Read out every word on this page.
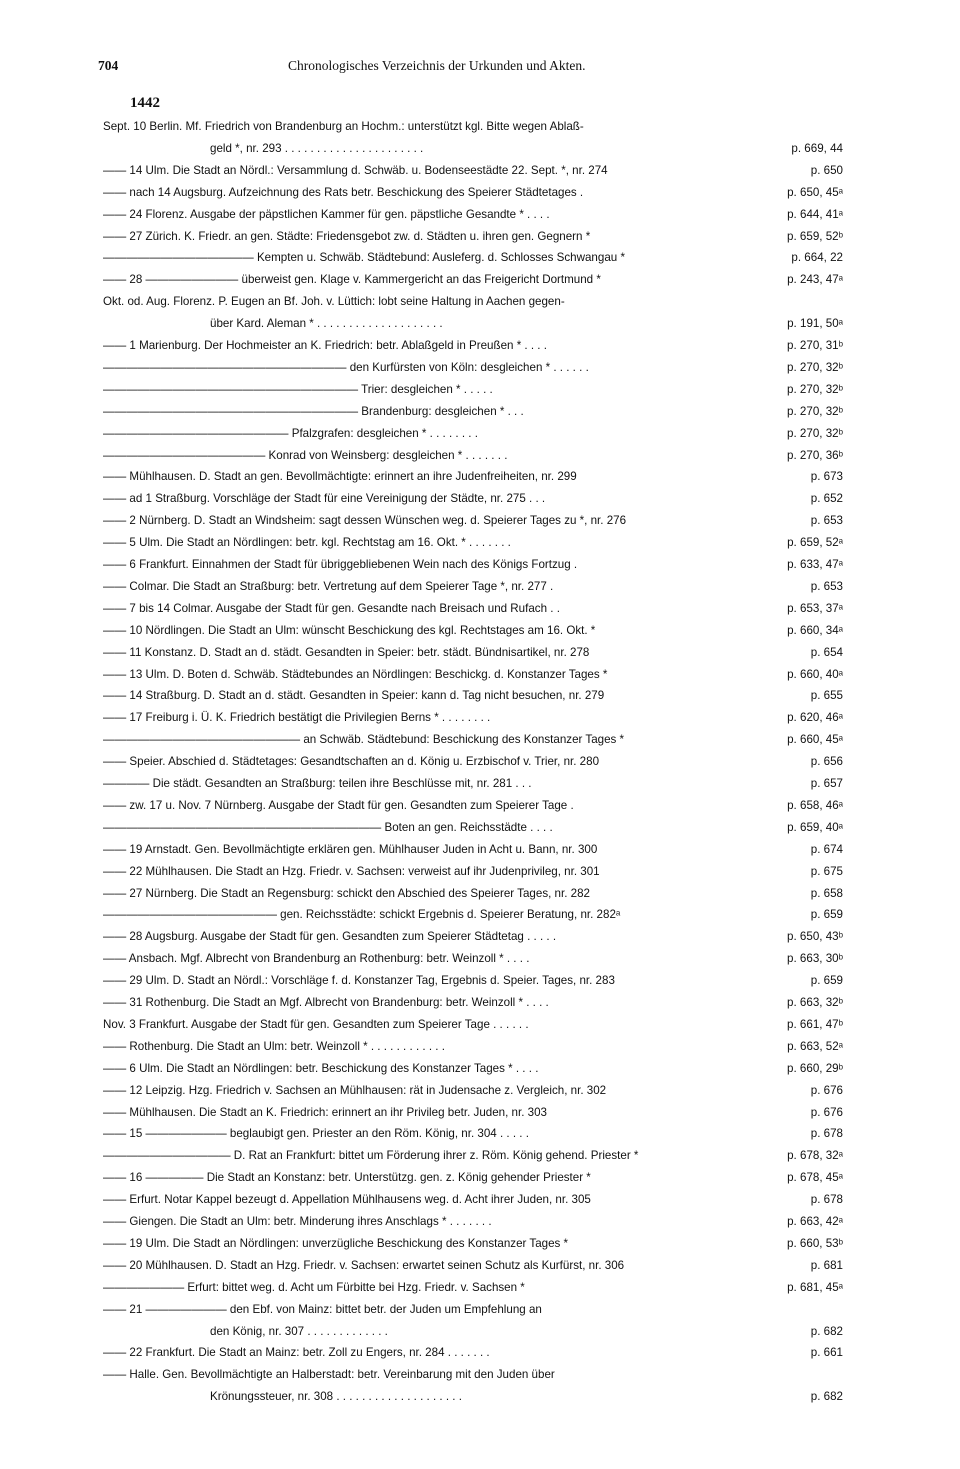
704	Chronologisches Verzeichnis der Urkunden und Akten.
1442
Sept. 10 Berlin. Mf. Friedrich von Brandenburg an Hochm.: unterstützt kgl. Bitte wegen Ablaß-
geld *, nr. 293 . . . . . . . . . . . . . . . . . . . . . .	p. 669, 44
—— 14 Ulm. Die Stadt an Nördl.: Versammlung d. Schwäb. u. Bodenseestädte 22. Sept. *, nr. 274	p. 650
—— nach 14 Augsburg. Aufzeichnung des Rats betr. Beschickung des Speierer Städtetages .	p. 650, 45ᵃ
—— 24 Florenz. Ausgabe der päpstlichen Kammer für gen. päpstliche Gesandte * . . . .	p. 644, 41ᵃ
—— 27 Zürich. K. Friedr. an gen. Städte: Friedensgebot zw. d. Städten u. ihren gen. Gegnern *	p. 659, 52ᵇ
————————————— Kempten u. Schwäb. Städtebund: Ausleferg. d. Schlosses Schwangau *	p. 664, 22
—— 28 ———————— überweist gen. Klage v. Kammergericht an das Freigericht Dortmund *	p. 243, 47ᵃ
Okt. od. Aug. Florenz. P. Eugen an Bf. Joh. v. Lüttich: lobt seine Haltung in Aachen gegen-
über Kard. Aleman * . . . . . . . . . . . . . . . . . . . .	p. 191, 50ᵃ
—— 1 Marienburg. Der Hochmeister an K. Friedrich: betr. Ablaßgeld in Preußen * . . . .	p. 270, 31ᵇ
————————————————————— den Kurfürsten von Köln: desgleichen * . . . . . .	p. 270, 32ᵇ
—————————————————————— Trier: desgleichen * . . . . .	p. 270, 32ᵇ
—————————————————————— Brandenburg: desgleichen * . . .	p. 270, 32ᵇ
———————————————— Pfalzgrafen: desgleichen * . . . . . . . .	p. 270, 32ᵇ
—————————————— Konrad von Weinsberg: desgleichen * . . . . . . .	p. 270, 36ᵇ
—— Mühlhausen. D. Stadt an gen. Bevollmächtigte: erinnert an ihre Judenfreiheiten, nr. 299	p. 673
—— ad 1 Straßburg. Vorschläge der Stadt für eine Vereinigung der Städte, nr. 275 . . .	p. 652
—— 2 Nürnberg. D. Stadt an Windsheim: sagt dessen Wünschen weg. d. Speierer Tages zu *, nr. 276	p. 653
—— 5 Ulm. Die Stadt an Nördlingen: betr. kgl. Rechtstag am 16. Okt. * . . . . . . .	p. 659, 52ᵃ
—— 6 Frankfurt. Einnahmen der Stadt für übriggebliebenen Wein nach des Königs Fortzug .	p. 633, 47ᵃ
—— Colmar. Die Stadt an Straßburg: betr. Vertretung auf dem Speierer Tage *, nr. 277 .	p. 653
—— 7 bis 14 Colmar. Ausgabe der Stadt für gen. Gesandte nach Breisach und Rufach . .	p. 653, 37ᵃ
—— 10 Nördlingen. Die Stadt an Ulm: wünscht Beschickung des kgl. Rechtstages am 16. Okt. *	p. 660, 34ᵃ
—— 11 Konstanz. D. Stadt an d. städt. Gesandten in Speier: betr. städt. Bündnisartikel, nr. 278	p. 654
—— 13 Ulm. D. Boten d. Schwäb. Städtebundes an Nördlingen: Beschickg. d. Konstanzer Tages *	p. 660, 40ᵃ
—— 14 Straßburg. D. Stadt an d. städt. Gesandten in Speier: kann d. Tag nicht besuchen, nr. 279	p. 655
—— 17 Freiburg i. Ü. K. Friedrich bestätigt die Privilegien Berns * . . . . . . . .	p. 620, 46ᵃ
————————————————— an Schwäb. Städtebund: Beschickung des Konstanzer Tages *	p. 660, 45ᵃ
—— Speier. Abschied d. Städtetages: Gesandtschaften an d. König u. Erzbischof v. Trier, nr. 280	p. 656
———— Die städt. Gesandten an Straßburg: teilen ihre Beschlüsse mit, nr. 281 . . .	p. 657
—— zw. 17 u. Nov. 7 Nürnberg. Ausgabe der Stadt für gen. Gesandten zum Speierer Tage .	p. 658, 46ᵃ
———————————————————————— Boten an gen. Reichsstädte . . . .	p. 659, 40ᵃ
—— 19 Arnstadt. Gen. Bevollmächtigte erklären gen. Mühlhauser Juden in Acht u. Bann, nr. 300	p. 674
—— 22 Mühlhausen. Die Stadt an Hzg. Friedr. v. Sachsen: verweist auf ihr Judenprivileg, nr. 301	p. 675
—— 27 Nürnberg. Die Stadt an Regensburg: schickt den Abschied des Speierer Tages, nr. 282	p. 658
——————————————— gen. Reichsstädte: schickt Ergebnis d. Speierer Beratung, nr. 282ᵃ	p. 659
—— 28 Augsburg. Ausgabe der Stadt für gen. Gesandten zum Speierer Städtetag . . . . .	p. 650, 43ᵇ
—— Ansbach. Mgf. Albrecht von Brandenburg an Rothenburg: betr. Weinzoll * . . . .	p. 663, 30ᵇ
—— 29 Ulm. D. Stadt an Nördl.: Vorschläge f. d. Konstanzer Tag, Ergebnis d. Speier. Tages, nr. 283	p. 659
—— 31 Rothenburg. Die Stadt an Mgf. Albrecht von Brandenburg: betr. Weinzoll * . . . .	p. 663, 32ᵇ
Nov. 3 Frankfurt. Ausgabe der Stadt für gen. Gesandten zum Speierer Tage . . . . . .	p. 661, 47ᵇ
—— Rothenburg. Die Stadt an Ulm: betr. Weinzoll * . . . . . . . . . . . .	p. 663, 52ᵃ
—— 6 Ulm. Die Stadt an Nördlingen: betr. Beschickung des Konstanzer Tages * . . . .	p. 660, 29ᵇ
—— 12 Leipzig. Hzg. Friedrich v. Sachsen an Mühlhausen: rät in Judensache z. Vergleich, nr. 302	p. 676
—— Mühlhausen. Die Stadt an K. Friedrich: erinnert an ihr Privileg betr. Juden, nr. 303	p. 676
—— 15 ——————— beglaubigt gen. Priester an den Röm. König, nr. 304 . . . . .	p. 678
——————————— D. Rat an Frankfurt: bittet um Förderung ihrer z. Röm. König gehend. Priester *	p. 678, 32ᵃ
—— 16 ————— Die Stadt an Konstanz: betr. Unterstützg. gen. z. König gehender Priester *	p. 678, 45ᵃ
—— Erfurt. Notar Kappel bezeugt d. Appellation Mühlhausens weg. d. Acht ihrer Juden, nr. 305	p. 678
—— Giengen. Die Stadt an Ulm: betr. Minderung ihres Anschlags * . . . . . . .	p. 663, 42ᵃ
—— 19 Ulm. Die Stadt an Nördlingen: unverzügliche Beschickung des Konstanzer Tages *	p. 660, 53ᵇ
—— 20 Mühlhausen. D. Stadt an Hzg. Friedr. v. Sachsen: erwartet seinen Schutz als Kurfürst, nr. 306	p. 681
——————— Erfurt: bittet weg. d. Acht um Fürbitte bei Hzg. Friedr. v. Sachsen *	p. 681, 45ᵃ
—— 21 ——————— den Ebf. von Mainz: bittet betr. der Juden um Empfehlung an
den König, nr. 307 . . . . . . . . . . . . .	p. 682
—— 22 Frankfurt. Die Stadt an Mainz: betr. Zoll zu Engers, nr. 284 . . . . . . .	p. 661
—— Halle. Gen. Bevollmächtigte an Halberstadt: betr. Vereinbarung mit den Juden über
Krönungssteuer, nr. 308 . . . . . . . . . . . . . . . . . . . .	p. 682
